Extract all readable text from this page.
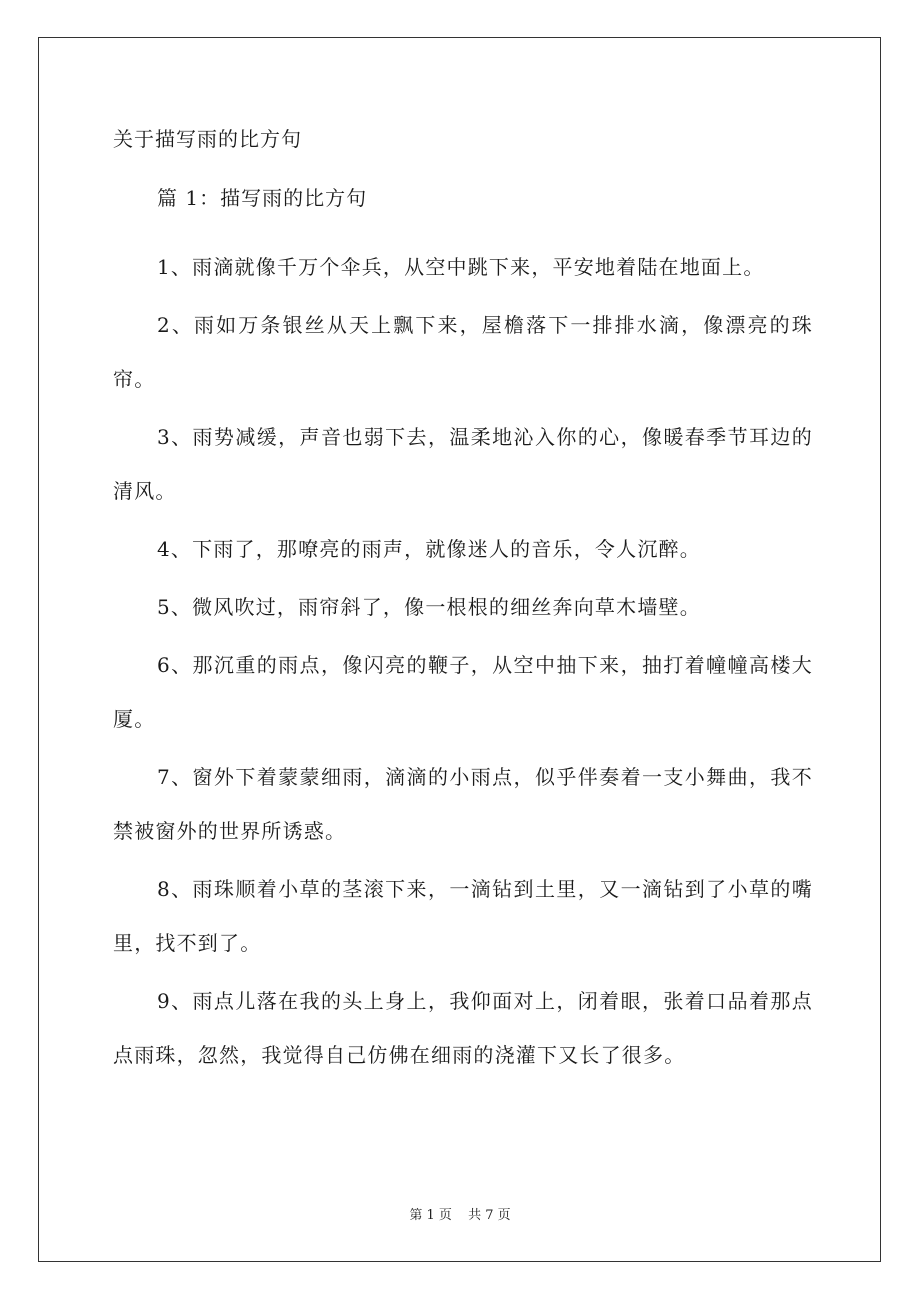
关于描写雨的比方句
篇 1：描写雨的比方句

1、雨滴就像千万个伞兵，从空中跳下来，平安地着陆在地面上。

2、雨如万条银丝从天上飘下来，屋檐落下一排排水滴，像漂亮的珠帘。

3、雨势减缓，声音也弱下去，温柔地沁入你的心，像暖春季节耳边的清风。

4、下雨了，那嘹亮的雨声，就像迷人的音乐，令人沉醉。

5、微风吹过，雨帘斜了，像一根根的细丝奔向草木墙壁。

6、那沉重的雨点，像闪亮的鞭子，从空中抽下来，抽打着幢幢高楼大厦。

7、窗外下着蒙蒙细雨，滴滴的小雨点，似乎伴奏着一支小舞曲，我不禁被窗外的世界所诱惑。

8、雨珠顺着小草的茎滚下来，一滴钻到土里，又一滴钻到了小草的嘴里，找不到了。

9、雨点儿落在我的头上身上，我仰面对上，闭着眼，张着口品着那点点雨珠，忽然，我觉得自己仿佛在细雨的浇灌下又长了很多。

第 1 页 共 7 页
